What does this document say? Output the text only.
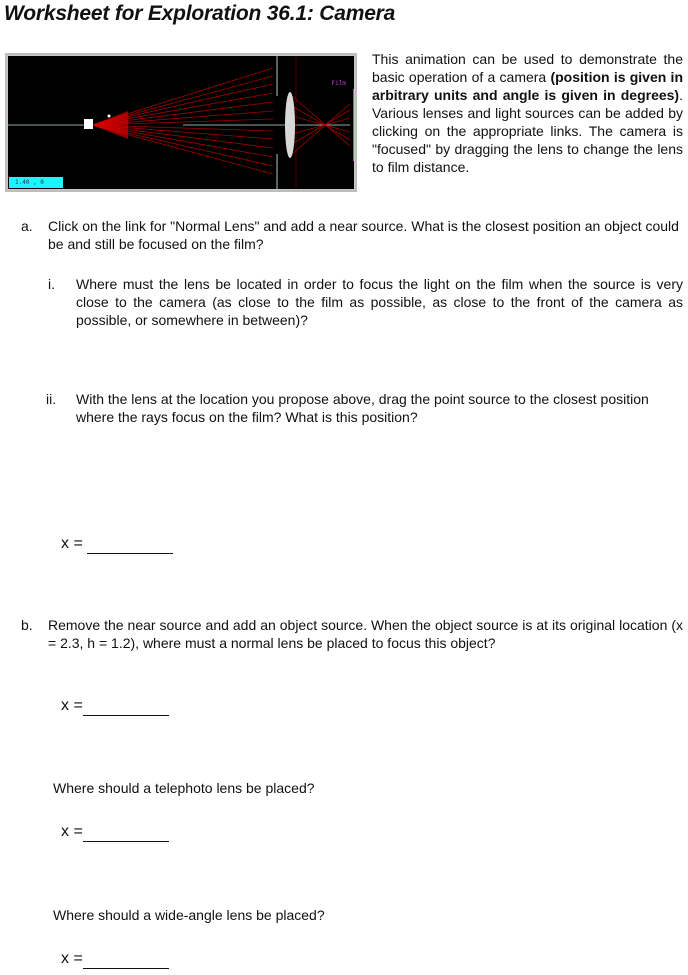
Worksheet for Exploration 36.1: Camera
Film
1.40 , 0
This animation can be used to demonstrate the basic operation of a camera (position is given in arbitrary units and angle is given in degrees). Various lenses and light sources can be added by clicking on the appropriate links. The camera is "focused" by dragging the lens to change the lens to film distance.
a. Click on the link for "Normal Lens" and add a near source. What is the closest position an object could be and still be focused on the film?
i. Where must the lens be located in order to focus the light on the film when the source is very close to the camera (as close to the film as possible, as close to the front of the camera as possible, or somewhere in between)?
ii. With the lens at the location you propose above, drag the point source to the closest position where the rays focus on the film? What is this position?
x =
b. Remove the near source and add an object source. When the object source is at its original location (x = 2.3, h = 1.2), where must a normal lens be placed to focus this object?
x =
Where should a telephoto lens be placed?
x =
Where should a wide-angle lens be placed?
x =
